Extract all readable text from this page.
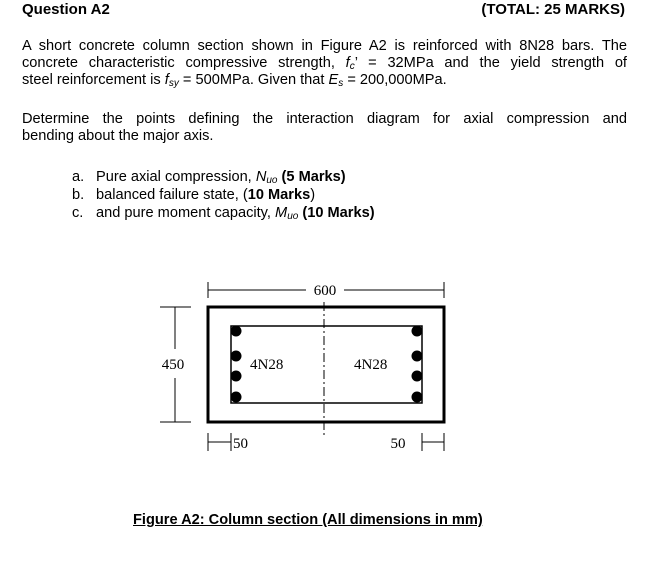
Question A2	(TOTAL: 25 MARKS)
A short concrete column section shown in Figure A2 is reinforced with 8N28 bars. The
concrete characteristic compressive strength, $f_c$’ = 32MPa and the yield strength of
steel reinforcement is $f_{sy} = 500MPa$. Given that $E_s = 200,000MPa$.
Determine the points defining the interaction diagram for axial compression and
bending about the major axis.
a. Pure axial compression, $N_{uo}$ (5 Marks)
b. balanced failure state, (10 Marks)
c. and pure moment capacity, $M_{uo}$ (10 Marks)
600
450	4N28	4N28
50	50
Figure A2: Column section (All dimensions in mm)
